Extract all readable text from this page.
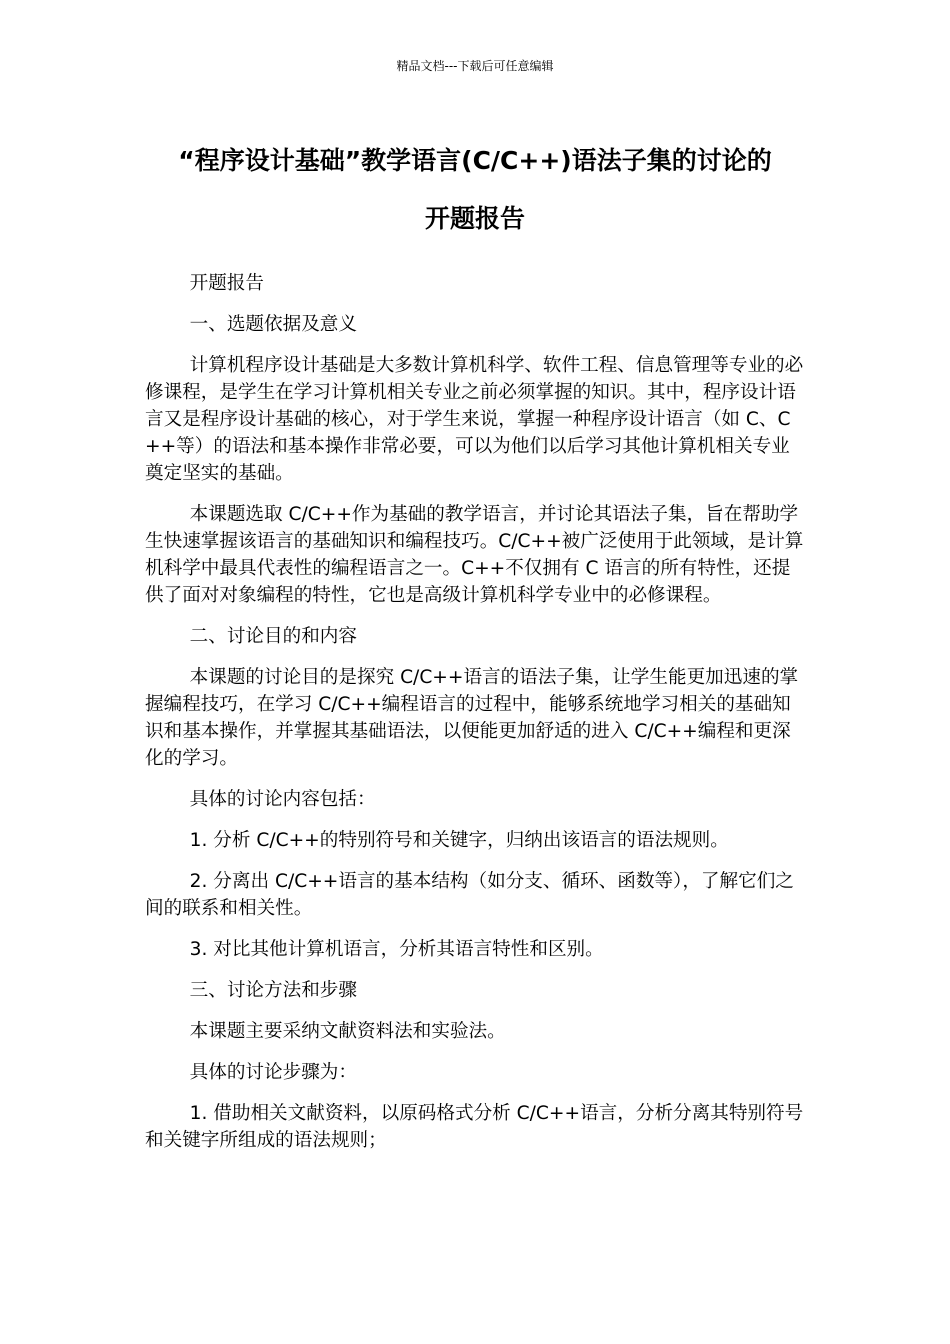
精品文档---下载后可任意编辑
“程序设计基础”教学语言(C/C++)语法子集的讨论的
开题报告

开题报告

一、选题依据及意义

计算机程序设计基础是大多数计算机科学、软件工程、信息管理等专业的必修课程，是学生在学习计算机相关专业之前必须掌握的知识。其中，程序设计语言又是程序设计基础的核心，对于学生来说，掌握一种程序设计语言（如 C、C++等）的语法和基本操作非常必要，可以为他们以后学习其他计算机相关专业奠定坚实的基础。

本课题选取 C/C++作为基础的教学语言，并讨论其语法子集，旨在帮助学生快速掌握该语言的基础知识和编程技巧。C/C++被广泛使用于此领域，是计算机科学中最具代表性的编程语言之一。C++不仅拥有 C 语言的所有特性，还提供了面对对象编程的特性，它也是高级计算机科学专业中的必修课程。

二、讨论目的和内容

本课题的讨论目的是探究 C/C++语言的语法子集，让学生能更加迅速的掌握编程技巧，在学习 C/C++编程语言的过程中，能够系统地学习相关的基础知识和基本操作，并掌握其基础语法，以便能更加舒适的进入 C/C++编程和更深化的学习。

具体的讨论内容包括：

1. 分析 C/C++的特别符号和关键字，归纳出该语言的语法规则。

2. 分离出 C/C++语言的基本结构（如分支、循环、函数等），了解它们之间的联系和相关性。

3. 对比其他计算机语言，分析其语言特性和区别。

三、讨论方法和步骤

本课题主要采纳文献资料法和实验法。

具体的讨论步骤为：

1. 借助相关文献资料，以原码格式分析 C/C++语言，分析分离其特别符号和关键字所组成的语法规则；
